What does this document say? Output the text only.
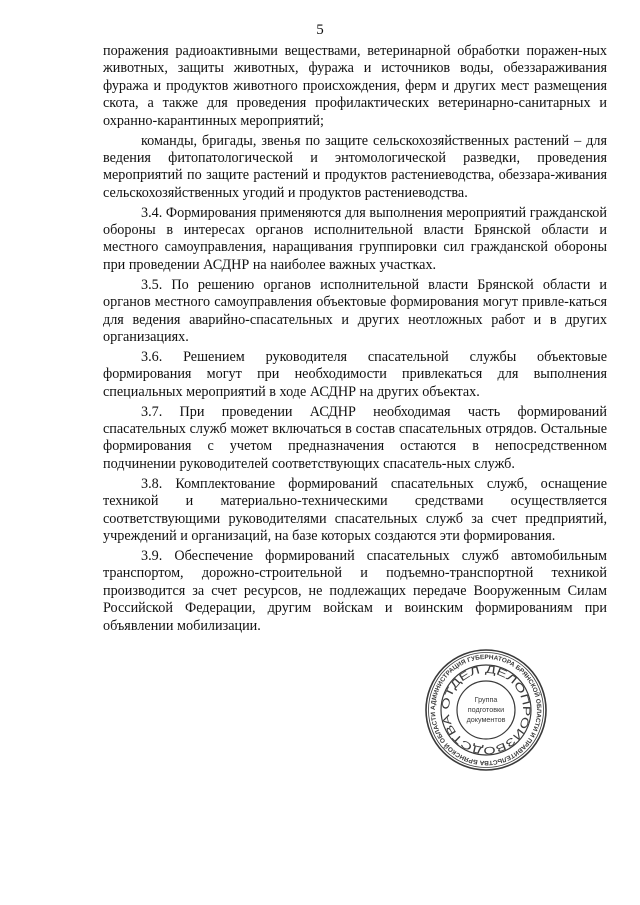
5

поражения радиоактивными веществами, ветеринарной обработки поражен-ных животных, защиты животных, фуража и источников воды, обеззараживания фуража и продуктов животного происхождения, ферм и других мест размещения скота, а также для проведения профилактических ветеринарно-санитарных и охранно-карантинных мероприятий;

команды, бригады, звенья по защите сельскохозяйственных растений – для ведения фитопатологической и энтомологической разведки, проведения мероприятий по защите растений и продуктов растениеводства, обеззара-живания сельскохозяйственных угодий и продуктов растениеводства.

3.4. Формирования применяются для выполнения мероприятий гражданской обороны в интересах органов исполнительной власти Брянской области и местного самоуправления, наращивания группировки сил гражданской обороны при проведении АСДНР на наиболее важных участках.

3.5. По решению органов исполнительной власти Брянской области и органов местного самоуправления объектовые формирования могут привле-каться для ведения аварийно-спасательных и других неотложных работ и в других организациях.

3.6. Решением руководителя спасательной службы объектовые формирования могут при необходимости привлекаться для выполнения специальных мероприятий в ходе АСДНР на других объектах.

3.7. При проведении АСДНР необходимая часть формирований спасательных служб может включаться в состав спасательных отрядов. Остальные формирования с учетом предназначения остаются в непосредственном подчинении руководителей соответствующих спасатель-ных служб.

3.8. Комплектование формирований спасательных служб, оснащение техникой и материально-техническими средствами осуществляется соответствующими руководителями спасательных служб за счет предприятий, учреждений и организаций, на базе которых создаются эти формирования.

3.9. Обеспечение формирований спасательных служб автомобильным транспортом, дорожно-строительной и подъемно-транспортной техникой производится за счет ресурсов, не подлежащих передаче Вооруженным Силам Российской Федерации, другим войскам и воинским формированиям при объявлении мобилизации.

АДМИНИСТРАЦИЯ ГУБЕРНАТОРА БРЯНСКОЙ ОБЛАСТИ И ПРАВИТЕЛЬСТВА БРЯНСКОЙ ОБЛАСТИ
ОТДЕЛ ДЕЛОПРОИЗВОДСТВА
Группа
подготовки
документов
